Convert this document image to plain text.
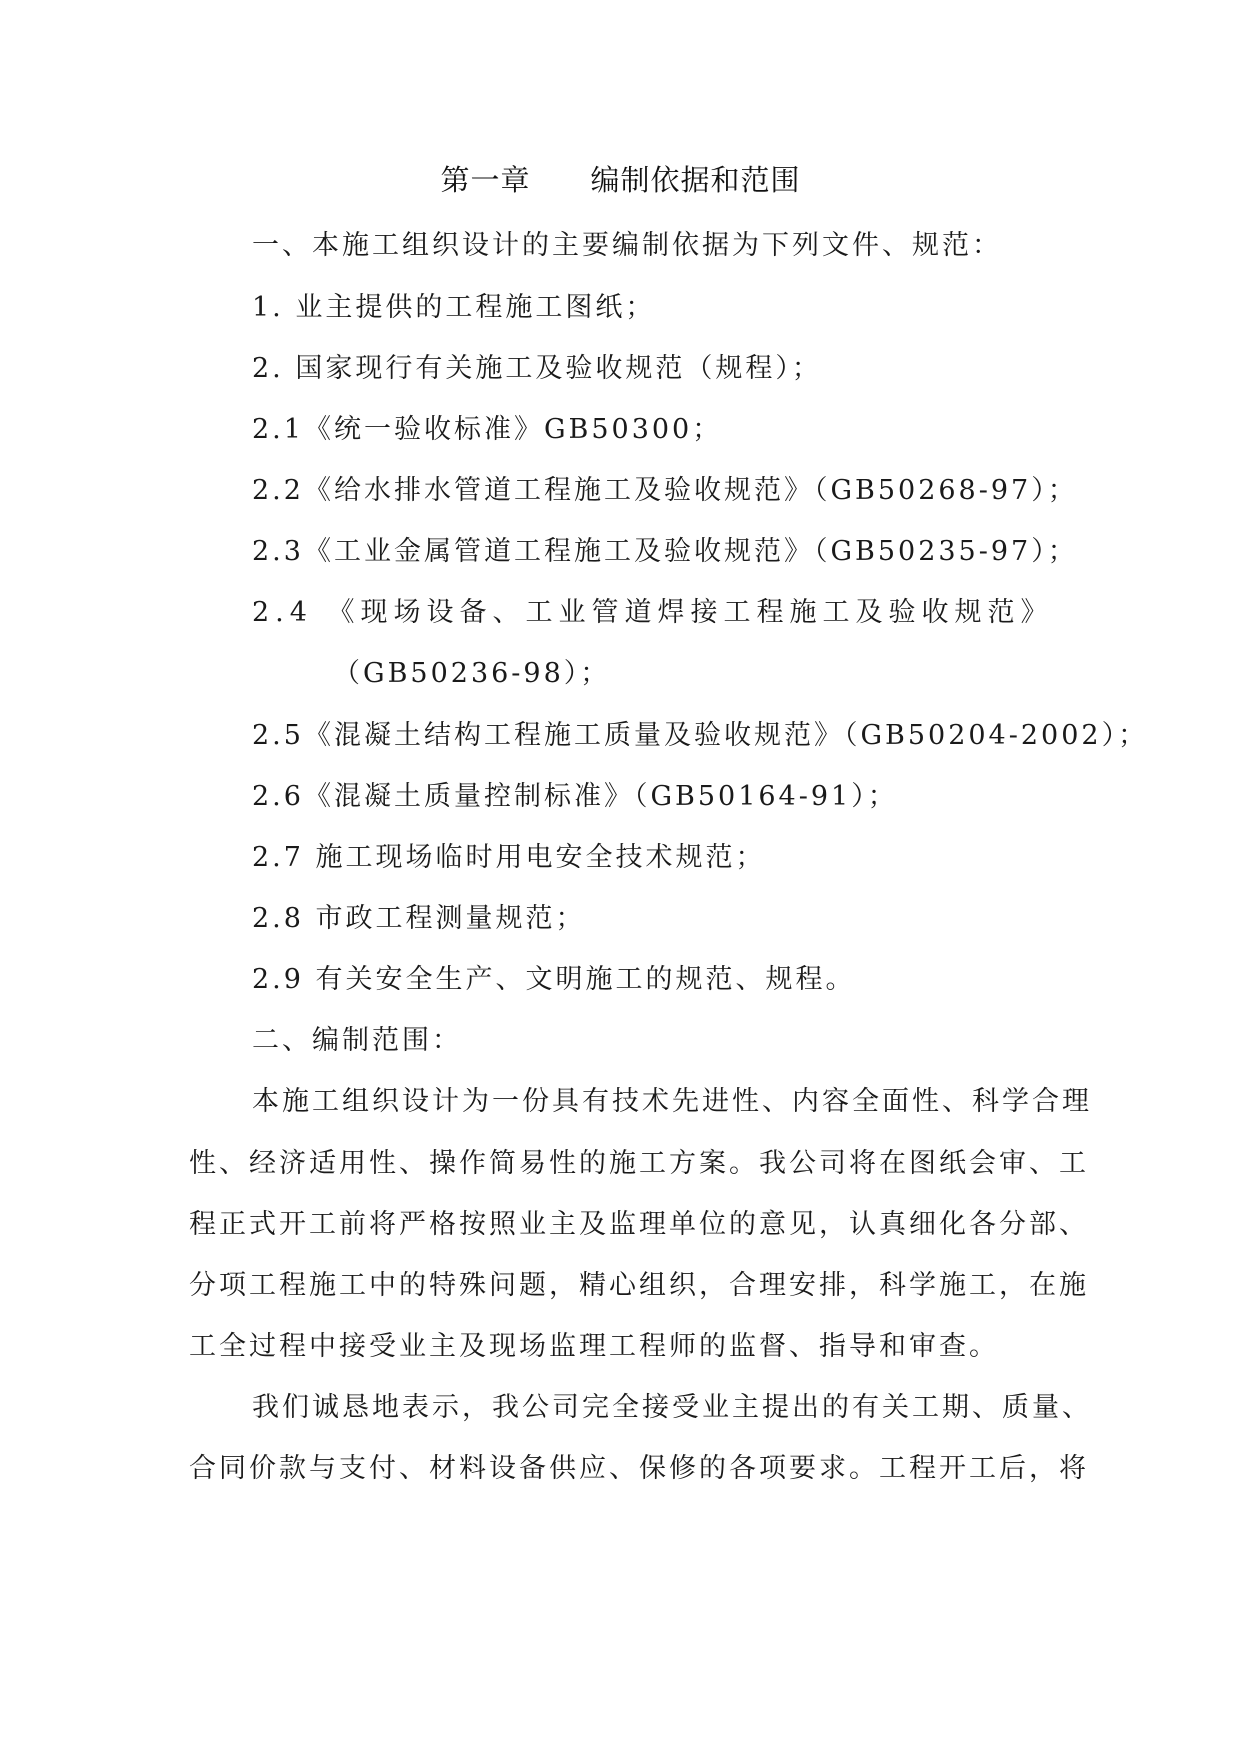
第一章　　编制依据和范围
一、本施工组织设计的主要编制依据为下列文件、规范：
1. 业主提供的工程施工图纸；
2. 国家现行有关施工及验收规范（规程）；
2.1《统一验收标准》GB50300；
2.2《给水排水管道工程施工及验收规范》（GB50268-97）；
2.3《工业金属管道工程施工及验收规范》（GB50235-97）；
2.4 《现场设备、工业管道焊接工程施工及验收规范》
（GB50236-98）；
2.5《混凝土结构工程施工质量及验收规范》（GB50204-2002）；
2.6《混凝土质量控制标准》（GB50164-91）；
2.7 施工现场临时用电安全技术规范；
2.8 市政工程测量规范；
2.9 有关安全生产、文明施工的规范、规程。
二、编制范围：
本施工组织设计为一份具有技术先进性、内容全面性、科学合理
性、经济适用性、操作简易性的施工方案。我公司将在图纸会审、工
程正式开工前将严格按照业主及监理单位的意见，认真细化各分部、
分项工程施工中的特殊问题，精心组织，合理安排，科学施工，在施
工全过程中接受业主及现场监理工程师的监督、指导和审查。
我们诚恳地表示，我公司完全接受业主提出的有关工期、质量、
合同价款与支付、材料设备供应、保修的各项要求。工程开工后，将
